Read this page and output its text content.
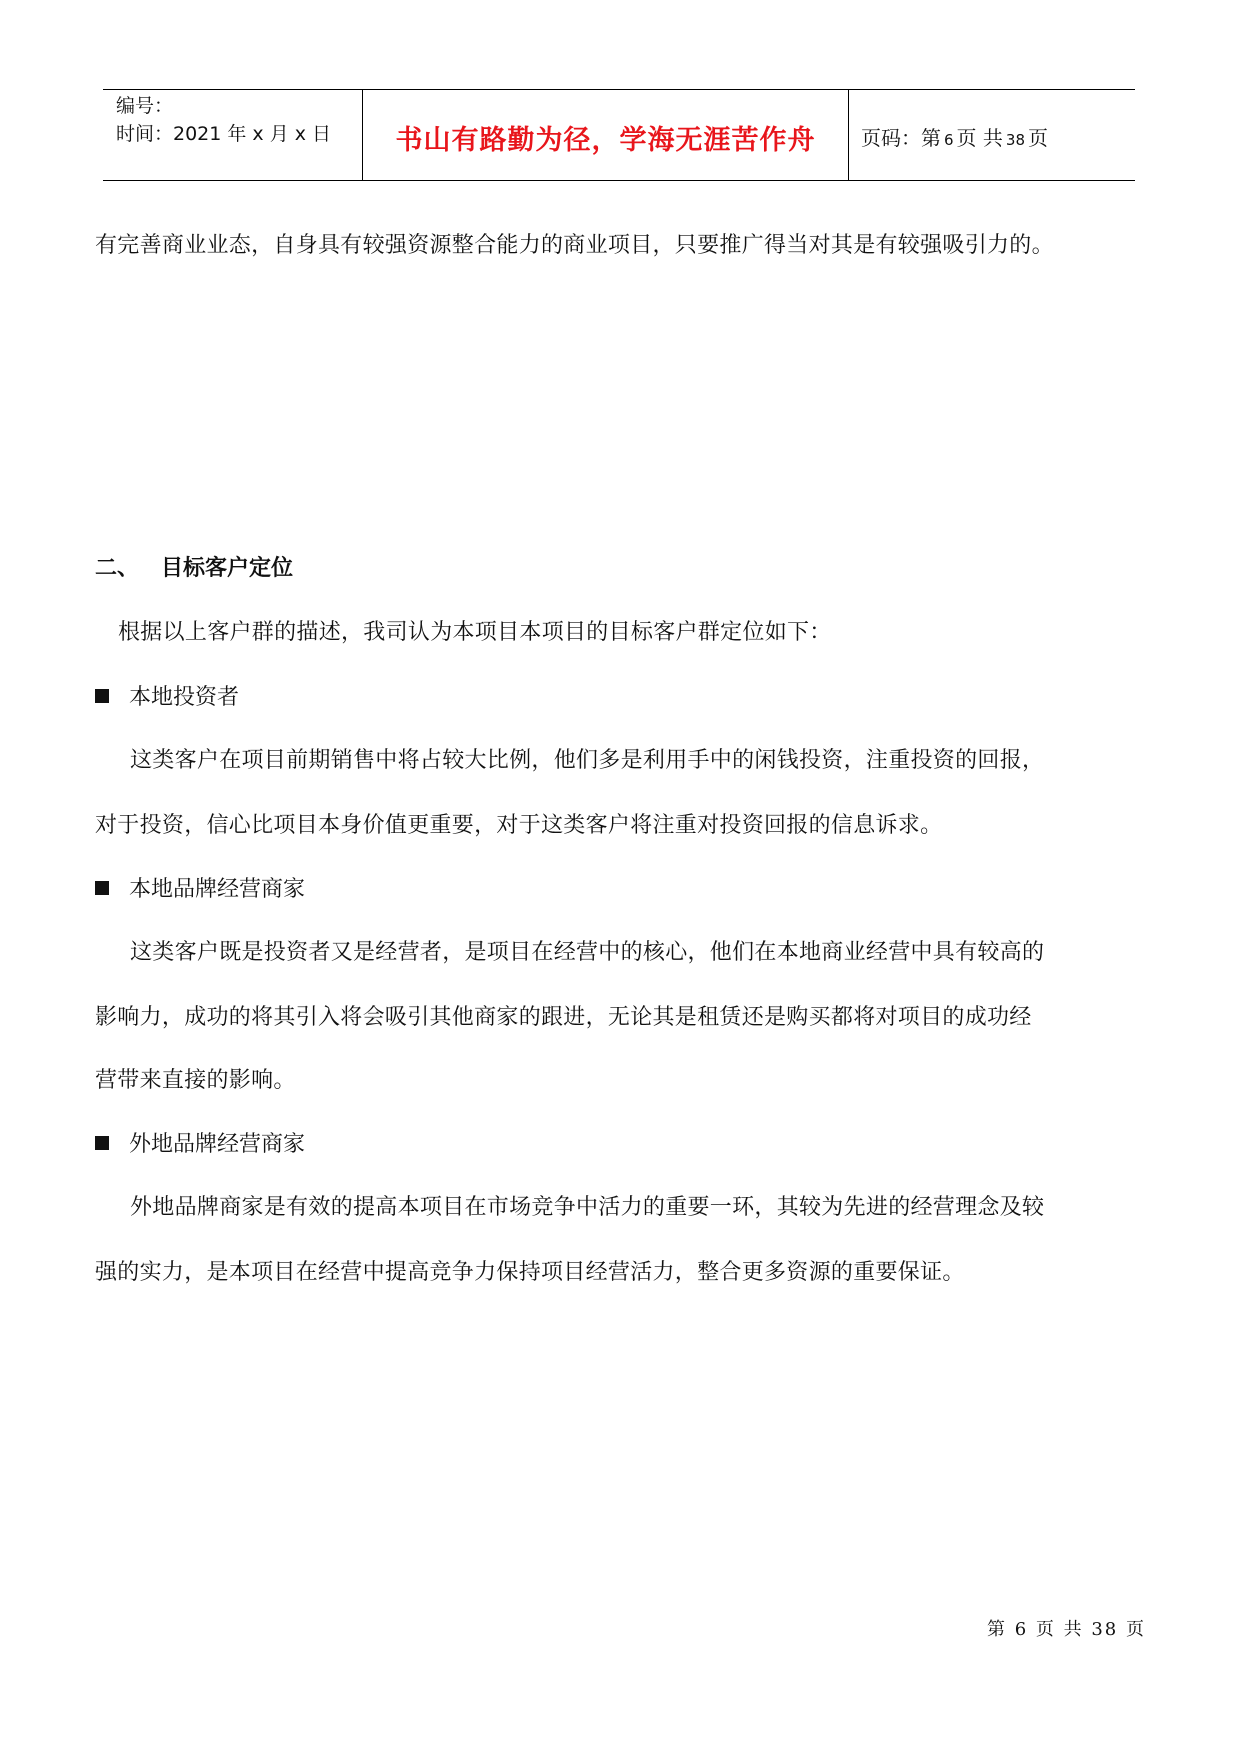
编号：
时间：2021 年 x 月 x 日	书山有路勤为径，学海无涯苦作舟	页码：第 6 页 共 38 页
有完善商业业态，自身具有较强资源整合能力的商业项目，只要推广得当对其是有较强吸引力的。
二、 目标客户定位
根据以上客户群的描述，我司认为本项目本项目的目标客户群定位如下：
本地投资者
这类客户在项目前期销售中将占较大比例，他们多是利用手中的闲钱投资，注重投资的回报，
对于投资，信心比项目本身价值更重要，对于这类客户将注重对投资回报的信息诉求。
本地品牌经营商家
这类客户既是投资者又是经营者，是项目在经营中的核心，他们在本地商业经营中具有较高的
影响力，成功的将其引入将会吸引其他商家的跟进，无论其是租赁还是购买都将对项目的成功经
营带来直接的影响。
外地品牌经营商家
外地品牌商家是有效的提高本项目在市场竞争中活力的重要一环，其较为先进的经营理念及较
强的实力，是本项目在经营中提高竞争力保持项目经营活力，整合更多资源的重要保证。
第 6 页 共 38 页
